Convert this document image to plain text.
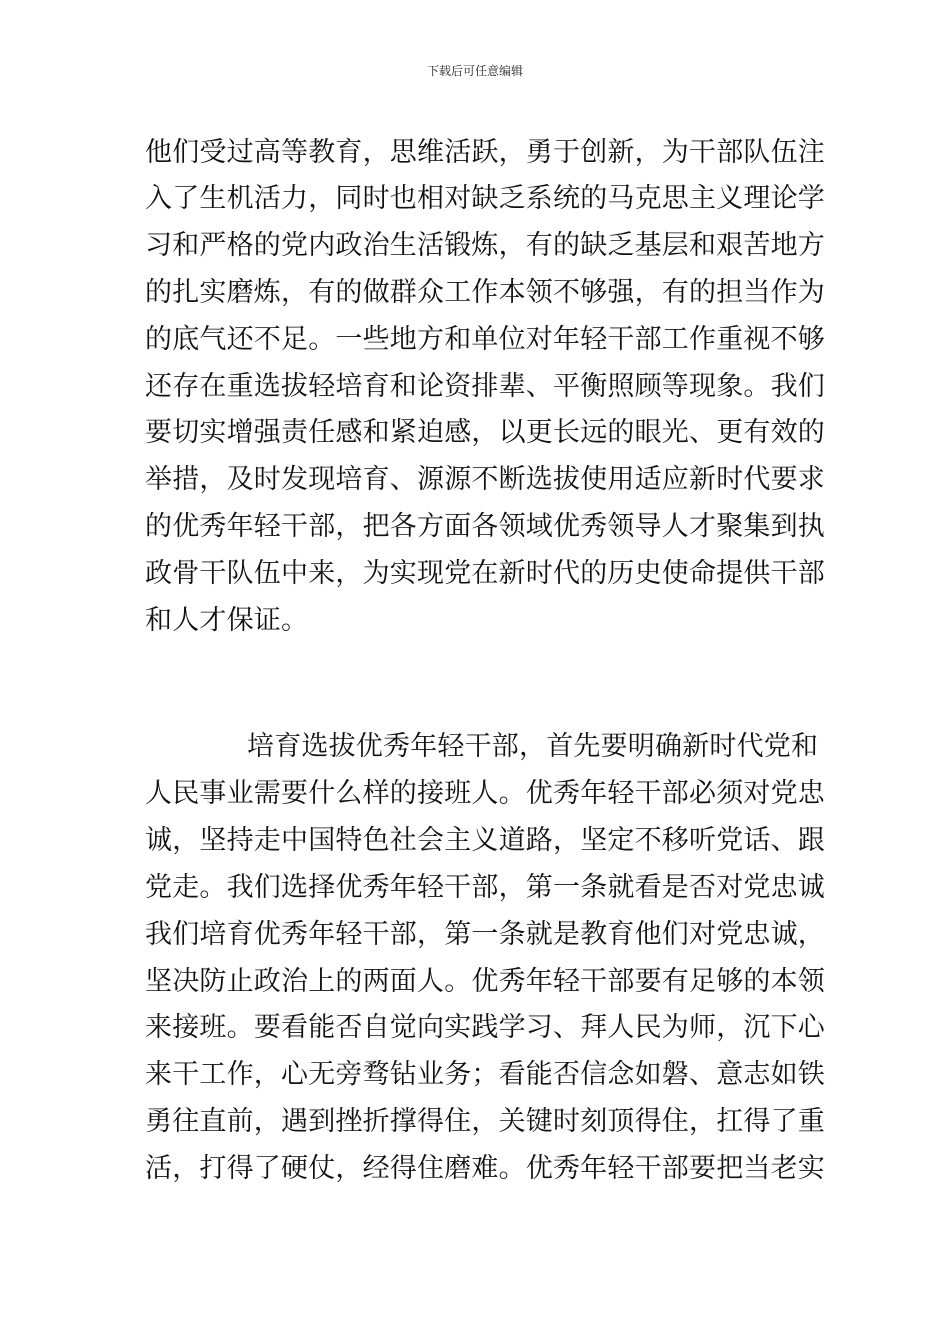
下载后可任意编辑
他们受过高等教育，思维活跃，勇于创新，为干部队伍注
入了生机活力，同时也相对缺乏系统的马克思主义理论学
习和严格的党内政治生活锻炼，有的缺乏基层和艰苦地方
的扎实磨炼，有的做群众工作本领不够强，有的担当作为
的底气还不足。一些地方和单位对年轻干部工作重视不够
还存在重选拔轻培育和论资排辈、平衡照顾等现象。我们
要切实增强责任感和紧迫感，以更长远的眼光、更有效的
举措，及时发现培育、源源不断选拔使用适应新时代要求
的优秀年轻干部，把各方面各领域优秀领导人才聚集到执
政骨干队伍中来，为实现党在新时代的历史使命提供干部
和人才保证。
培育选拔优秀年轻干部，首先要明确新时代党和
人民事业需要什么样的接班人。优秀年轻干部必须对党忠
诚，坚持走中国特色社会主义道路，坚定不移听党话、跟
党走。我们选择优秀年轻干部，第一条就看是否对党忠诚
我们培育优秀年轻干部，第一条就是教育他们对党忠诚，
坚决防止政治上的两面人。优秀年轻干部要有足够的本领
来接班。要看能否自觉向实践学习、拜人民为师，沉下心
来干工作，心无旁骛钻业务；看能否信念如磐、意志如铁
勇往直前，遇到挫折撑得住，关键时刻顶得住，扛得了重
活，打得了硬仗，经得住磨难。优秀年轻干部要把当老实
